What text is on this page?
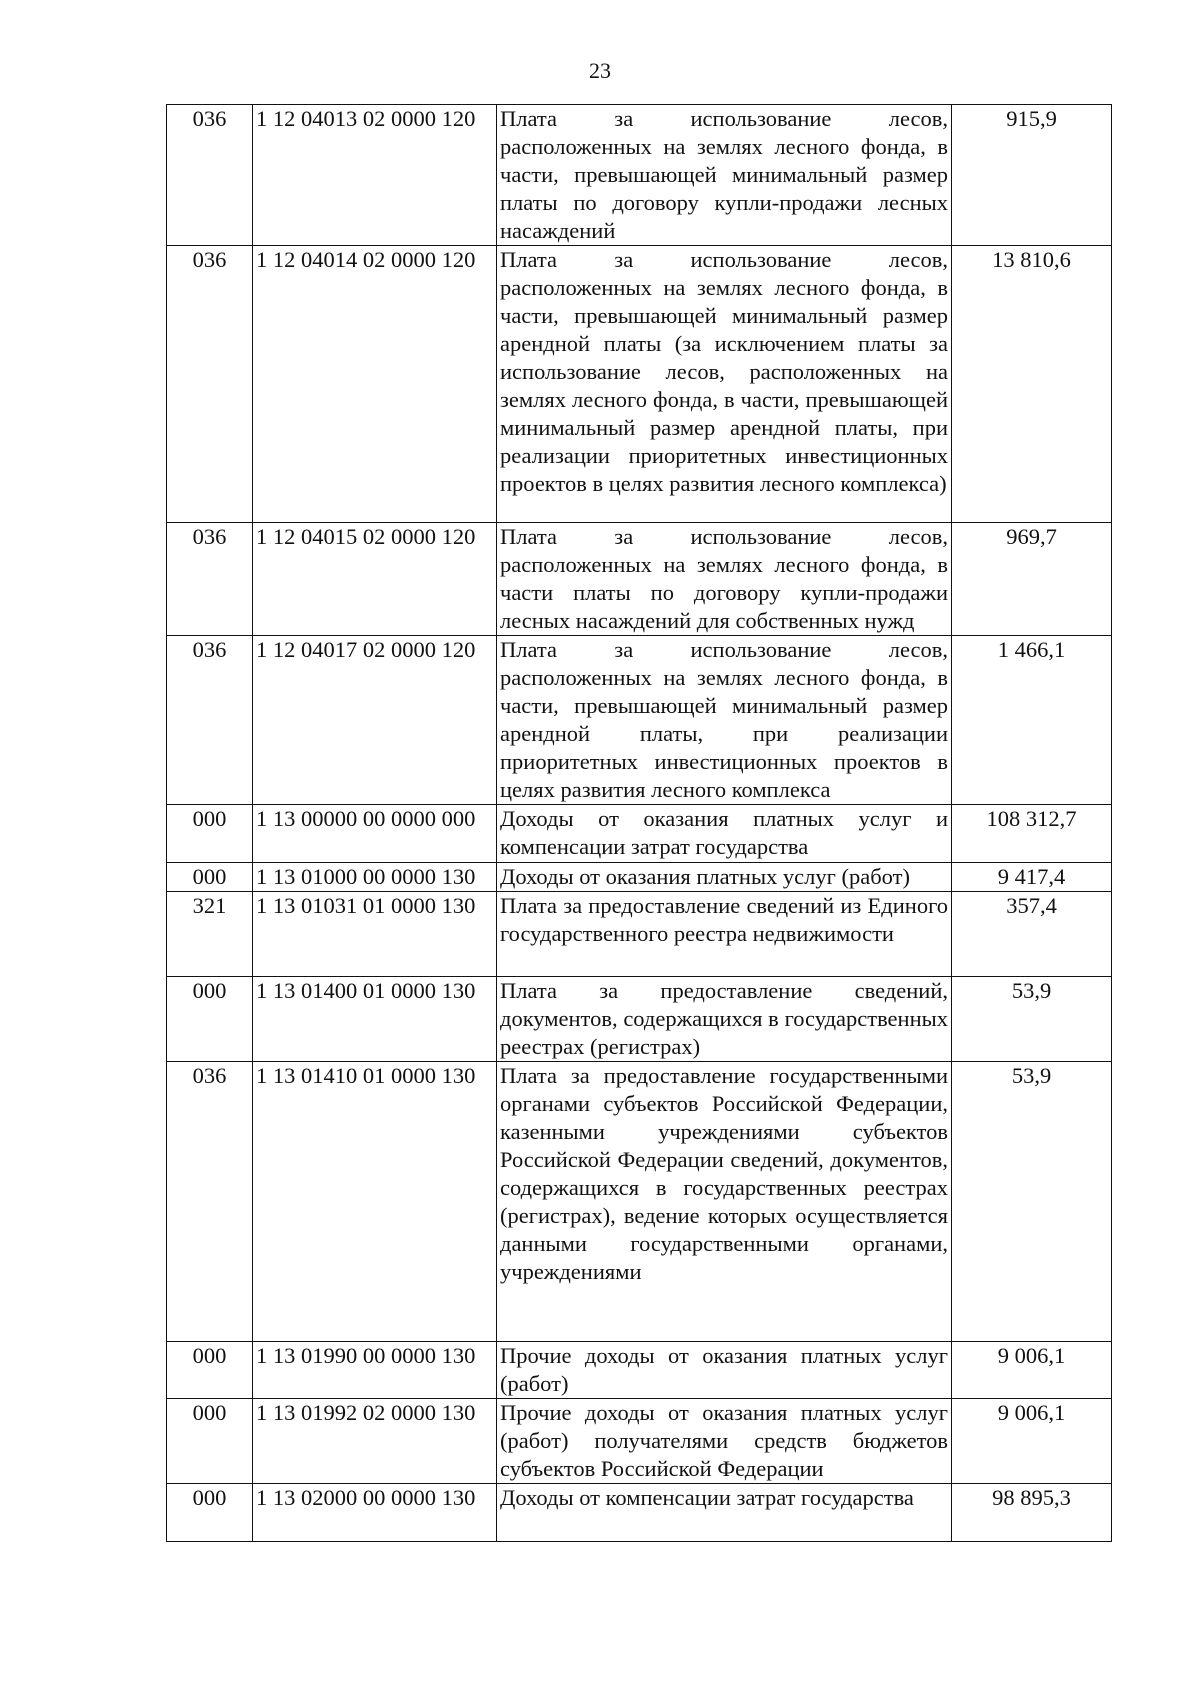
23
036	1 12 04013 02 0000 120	Плата за использование лесов, расположенных на землях лесного фонда, в части, превышающей минимальный размер платы по договору купли-продажи лесных насаждений	915,9
036	1 12 04014 02 0000 120	Плата за использование лесов, расположенных на землях лесного фонда, в части, превышающей минимальный размер арендной платы (за исключением платы за использование лесов, расположенных на землях лесного фонда, в части, превышающей минимальный размер арендной платы, при реализации приоритетных инвестиционных проектов в целях развития лесного комплекса)	13 810,6
036	1 12 04015 02 0000 120	Плата за использование лесов, расположенных на землях лесного фонда, в части платы по договору купли-продажи лесных насаждений для собственных нужд	969,7
036	1 12 04017 02 0000 120	Плата за использование лесов, расположенных на землях лесного фонда, в части, превышающей минимальный размер арендной платы, при реализации приоритетных инвестиционных проектов в целях развития лесного комплекса	1 466,1
000	1 13 00000 00 0000 000	Доходы от оказания платных услуг и компенсации затрат государства	108 312,7
000	1 13 01000 00 0000 130	Доходы от оказания платных услуг (работ)	9 417,4
321	1 13 01031 01 0000 130	Плата за предоставление сведений из Единого государственного реестра недвижимости	357,4
000	1 13 01400 01 0000 130	Плата за предоставление сведений, документов, содержащихся в государственных реестрах (регистрах)	53,9
036	1 13 01410 01 0000 130	Плата за предоставление государственными органами субъектов Российской Федерации, казенными учреждениями субъектов Российской Федерации сведений, документов, содержащихся в государственных реестрах (регистрах), ведение которых осуществляется данными государственными органами, учреждениями	53,9
000	1 13 01990 00 0000 130	Прочие доходы от оказания платных услуг (работ)	9 006,1
000	1 13 01992 02 0000 130	Прочие доходы от оказания платных услуг (работ) получателями средств бюджетов субъектов Российской Федерации	9 006,1
000	1 13 02000 00 0000 130	Доходы от компенсации затрат государства	98 895,3
